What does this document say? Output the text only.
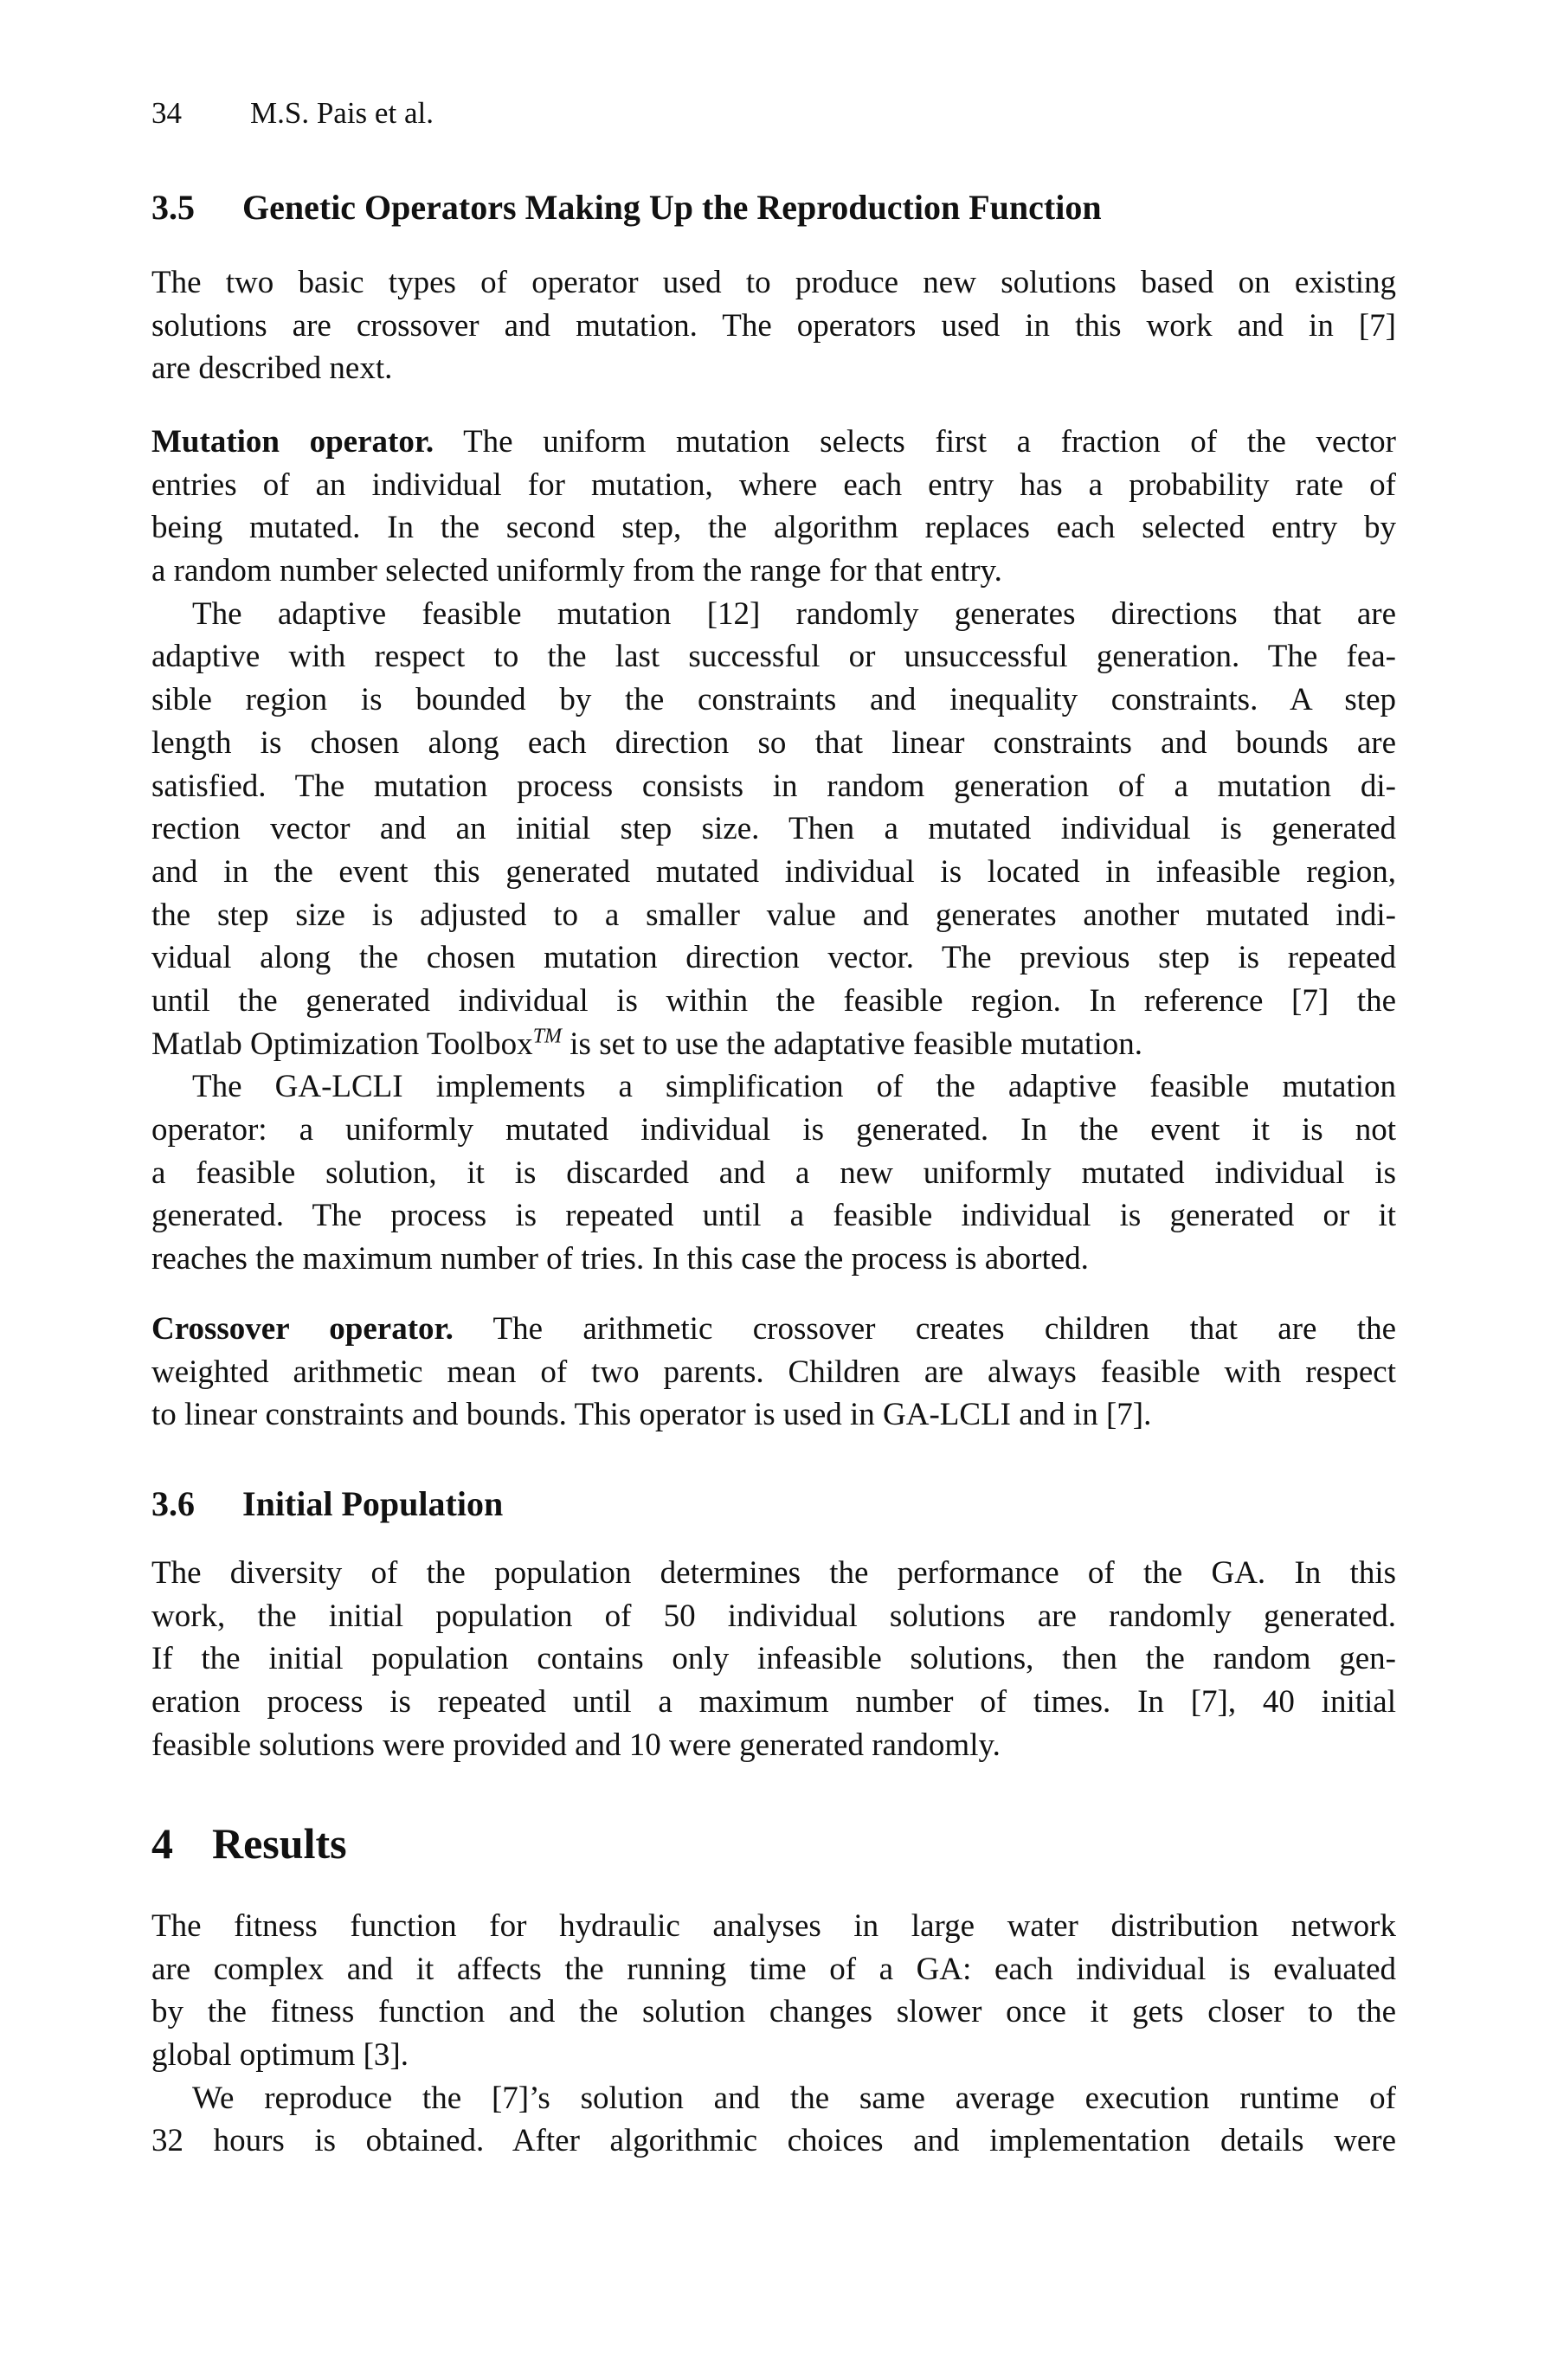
34 M.S. Pais et al.
3.5 Genetic Operators Making Up the Reproduction Function
The two basic types of operator used to produce new solutions based on existing
solutions are crossover and mutation. The operators used in this work and in [7]
are described next.
Mutation operator. The uniform mutation selects first a fraction of the vector
entries of an individual for mutation, where each entry has a probability rate of
being mutated. In the second step, the algorithm replaces each selected entry by
a random number selected uniformly from the range for that entry.
The adaptive feasible mutation [12] randomly generates directions that are
adaptive with respect to the last successful or unsuccessful generation. The fea-
sible region is bounded by the constraints and inequality constraints. A step
length is chosen along each direction so that linear constraints and bounds are
satisfied. The mutation process consists in random generation of a mutation di-
rection vector and an initial step size. Then a mutated individual is generated
and in the event this generated mutated individual is located in infeasible region,
the step size is adjusted to a smaller value and generates another mutated indi-
vidual along the chosen mutation direction vector. The previous step is repeated
until the generated individual is within the feasible region. In reference [7] the
Matlab Optimization Toolbox™ is set to use the adaptative feasible mutation.
The GA-LCLI implements a simplification of the adaptive feasible mutation
operator: a uniformly mutated individual is generated. In the event it is not
a feasible solution, it is discarded and a new uniformly mutated individual is
generated. The process is repeated until a feasible individual is generated or it
reaches the maximum number of tries. In this case the process is aborted.
Crossover operator. The arithmetic crossover creates children that are the
weighted arithmetic mean of two parents. Children are always feasible with respect
to linear constraints and bounds. This operator is used in GA-LCLI and in [7].
3.6 Initial Population
The diversity of the population determines the performance of the GA. In this
work, the initial population of 50 individual solutions are randomly generated.
If the initial population contains only infeasible solutions, then the random gen-
eration process is repeated until a maximum number of times. In [7], 40 initial
feasible solutions were provided and 10 were generated randomly.
4 Results
The fitness function for hydraulic analyses in large water distribution network
are complex and it affects the running time of a GA: each individual is evaluated
by the fitness function and the solution changes slower once it gets closer to the
global optimum [3].
We reproduce the [7]’s solution and the same average execution runtime of
32 hours is obtained. After algorithmic choices and implementation details were
